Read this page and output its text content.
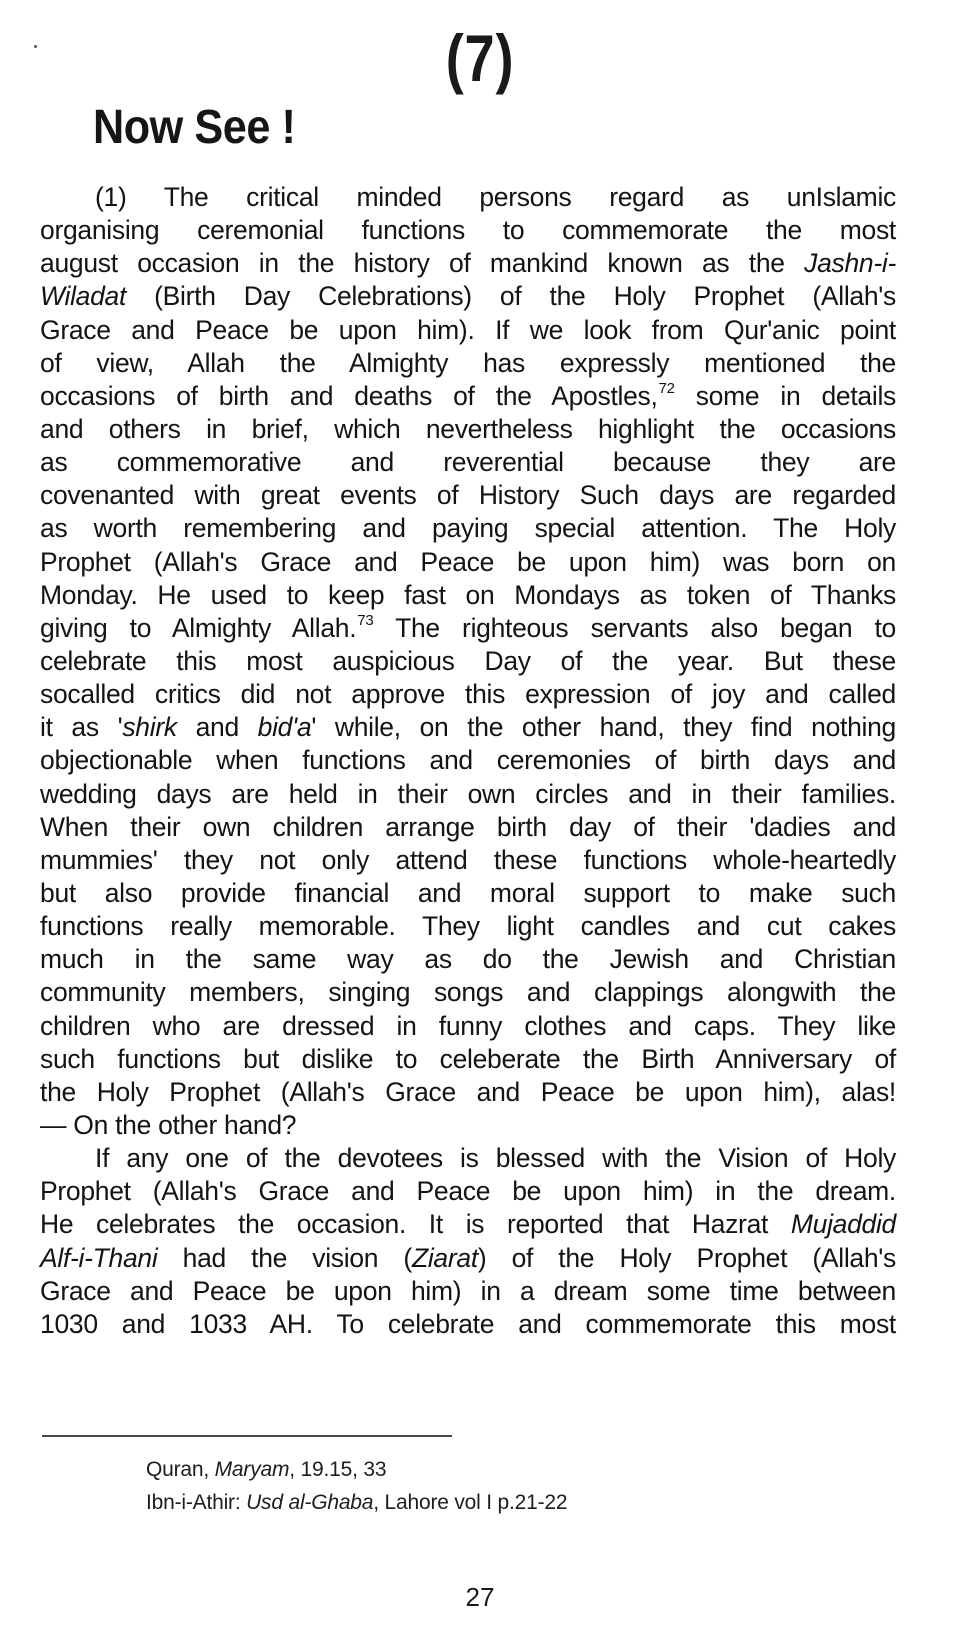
(7)
Now See !
(1) The critical minded persons regard as unIslamic
organising ceremonial functions to commemorate the most
august occasion in the history of mankind known as the Jashn-i-
Wiladat (Birth Day Celebrations) of the Holy Prophet (Allah's
Grace and Peace be upon him). If we look from Qur'anic point
of view, Allah the Almighty has expressly mentioned the
occasions of birth and deaths of the Apostles,$^{72}$ some in details
and others in brief, which nevertheless highlight the occasions
as commemorative and reverential because they are
covenanted with great events of History Such days are regarded
as worth remembering and paying special attention. The Holy
Prophet (Allah's Grace and Peace be upon him) was born on
Monday. He used to keep fast on Mondays as token of Thanks
giving to Almighty Allah.$^{73}$ The righteous servants also began to
celebrate this most auspicious Day of the year. But these
socalled critics did not approve this expression of joy and called
it as 'shirk and bid'a' while, on the other hand, they find nothing
objectionable when functions and ceremonies of birth days and
wedding days are held in their own circles and in their families.
When their own children arrange birth day of their 'dadies and
mummies' they not only attend these functions whole-heartedly
but also provide financial and moral support to make such
functions really memorable. They light candles and cut cakes
much in the same way as do the Jewish and Christian
community members, singing songs and clappings alongwith the
children who are dressed in funny clothes and caps. They like
such functions but dislike to celeberate the Birth Anniversary of
the Holy Prophet (Allah's Grace and Peace be upon him), alas!
— On the other hand?
If any one of the devotees is blessed with the Vision of Holy
Prophet (Allah's Grace and Peace be upon him) in the dream.
He celebrates the occasion. It is reported that Hazrat Mujaddid
Alf-i-Thani had the vision (Ziarat) of the Holy Prophet (Allah's
Grace and Peace be upon him) in a dream some time between
1030 and 1033 AH. To celebrate and commemorate this most
Quran, Maryam, 19.15, 33
Ibn-i-Athir: Usd al-Ghaba, Lahore vol I p.21-22
27
